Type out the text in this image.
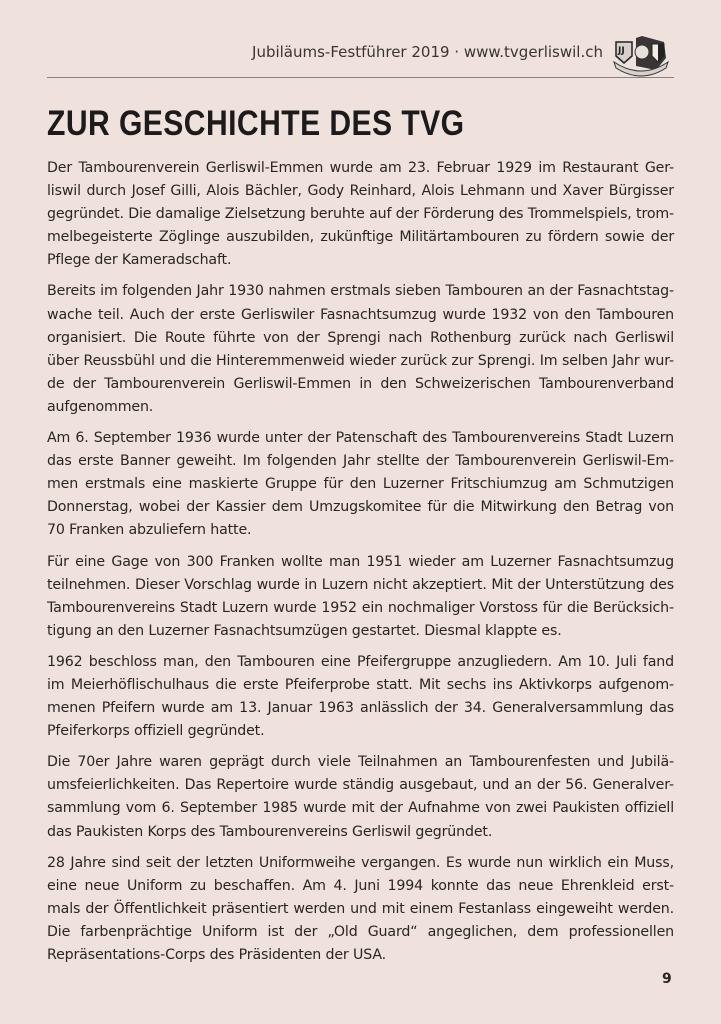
Jubiläums-Festführer 2019 · www.tvgerliswil.ch JJ
ZUR GESCHICHTE DES TVG
Der Tambourenverein Gerliswil-Emmen wurde am 23. Februar 1929 im Restaurant Ger-
liswil durch Josef Gilli, Alois Bächler, Gody Reinhard, Alois Lehmann und Xaver Bürgisser
gegründet. Die damalige Zielsetzung beruhte auf der Förderung des Trommelspiels, trom-
melbegeisterte Zöglinge auszubilden, zukünftige Militärtambouren zu fördern sowie der
Pflege der Kameradschaft.
Bereits im folgenden Jahr 1930 nahmen erstmals sieben Tambouren an der Fasnachtstag-
wache teil. Auch der erste Gerliswiler Fasnachtsumzug wurde 1932 von den Tambouren
organisiert. Die Route führte von der Sprengi nach Rothenburg zurück nach Gerliswil
über Reussbühl und die Hinteremmenweid wieder zurück zur Sprengi. Im selben Jahr wur-
de der Tambourenverein Gerliswil-Emmen in den Schweizerischen Tambourenverband
aufgenommen.
Am 6. September 1936 wurde unter der Patenschaft des Tambourenvereins Stadt Luzern
das erste Banner geweiht. Im folgenden Jahr stellte der Tambourenverein Gerliswil-Em-
men erstmals eine maskierte Gruppe für den Luzerner Fritschiumzug am Schmutzigen
Donnerstag, wobei der Kassier dem Umzugskomitee für die Mitwirkung den Betrag von
70 Franken abzuliefern hatte.
Für eine Gage von 300 Franken wollte man 1951 wieder am Luzerner Fasnachtsumzug
teilnehmen. Dieser Vorschlag wurde in Luzern nicht akzeptiert. Mit der Unterstützung des
Tambourenvereins Stadt Luzern wurde 1952 ein nochmaliger Vorstoss für die Berücksich-
tigung an den Luzerner Fasnachtsumzügen gestartet. Diesmal klappte es.
1962 beschloss man, den Tambouren eine Pfeifergruppe anzugliedern. Am 10. Juli fand
im Meierhöflischulhaus die erste Pfeiferprobe statt. Mit sechs ins Aktivkorps aufgenom-
menen Pfeifern wurde am 13. Januar 1963 anlässlich der 34. Generalversammlung das
Pfeiferkorps offiziell gegründet.
Die 70er Jahre waren geprägt durch viele Teilnahmen an Tambourenfesten und Jubilä-
umsfeierlichkeiten. Das Repertoire wurde ständig ausgebaut, und an der 56. Generalver-
sammlung vom 6. September 1985 wurde mit der Aufnahme von zwei Paukisten offiziell
das Paukisten Korps des Tambourenvereins Gerliswil gegründet.
28 Jahre sind seit der letzten Uniformweihe vergangen. Es wurde nun wirklich ein Muss,
eine neue Uniform zu beschaffen. Am 4. Juni 1994 konnte das neue Ehrenkleid erst-
mals der Öffentlichkeit präsentiert werden und mit einem Festanlass eingeweiht werden.
Die farbenprächtige Uniform ist der „Old Guard“ angeglichen, dem professionellen
Repräsentations-Corps des Präsidenten der USA.
9
